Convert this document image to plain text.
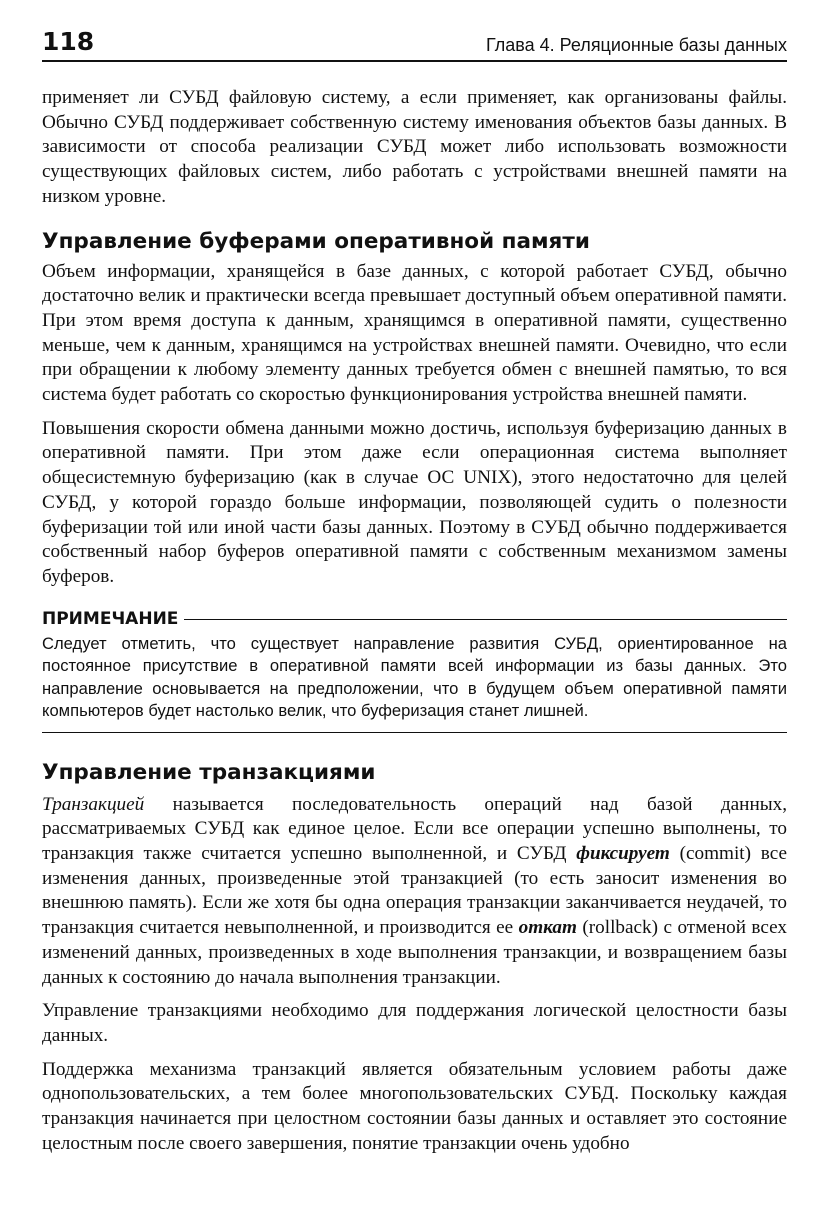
118	Глава 4. Реляционные базы данных

применяет ли СУБД файловую систему, а если применяет, как организованы файлы. Обычно СУБД поддерживает собственную систему именования объектов базы данных. В зависимости от способа реализации СУБД может либо использовать возможности существующих файловых систем, либо работать с устройствами внешней памяти на низком уровне.

Управление буферами оперативной памяти

Объем информации, хранящейся в базе данных, с которой работает СУБД, обычно достаточно велик и практически всегда превышает доступный объем оперативной памяти. При этом время доступа к данным, хранящимся в оперативной памяти, существенно меньше, чем к данным, хранящимся на устройствах внешней памяти. Очевидно, что если при обращении к любому элементу данных требуется обмен с внешней памятью, то вся система будет работать со скоростью функционирования устройства внешней памяти.

Повышения скорости обмена данными можно достичь, используя буферизацию данных в оперативной памяти. При этом даже если операционная система выполняет общесистемную буферизацию (как в случае ОС UNIX), этого недостаточно для целей СУБД, у которой гораздо больше информации, позволяющей судить о полезности буферизации той или иной части базы данных. Поэтому в СУБД обычно поддерживается собственный набор буферов оперативной памяти с собственным механизмом замены буферов.

ПРИМЕЧАНИЕ

Следует отметить, что существует направление развития СУБД, ориентированное на постоянное присутствие в оперативной памяти всей информации из базы данных. Это направление основывается на предположении, что в будущем объем оперативной памяти компьютеров будет настолько велик, что буферизация станет лишней.

Управление транзакциями

Транзакцией называется последовательность операций над базой данных, рассматриваемых СУБД как единое целое. Если все операции успешно выполнены, то транзакция также считается успешно выполненной, и СУБД фиксирует (commit) все изменения данных, произведенные этой транзакцией (то есть заносит изменения во внешнюю память). Если же хотя бы одна операция транзакции заканчивается неудачей, то транзакция считается невыполненной, и производится ее откат (rollback) с отменой всех изменений данных, произведенных в ходе выполнения транзакции, и возвращением базы данных к состоянию до начала выполнения транзакции.

Управление транзакциями необходимо для поддержания логической целостности базы данных.

Поддержка механизма транзакций является обязательным условием работы даже однопользовательских, а тем более многопользовательских СУБД. Поскольку каждая транзакция начинается при целостном состоянии базы данных и оставляет это состояние целостным после своего завершения, понятие транзакции очень удобно
